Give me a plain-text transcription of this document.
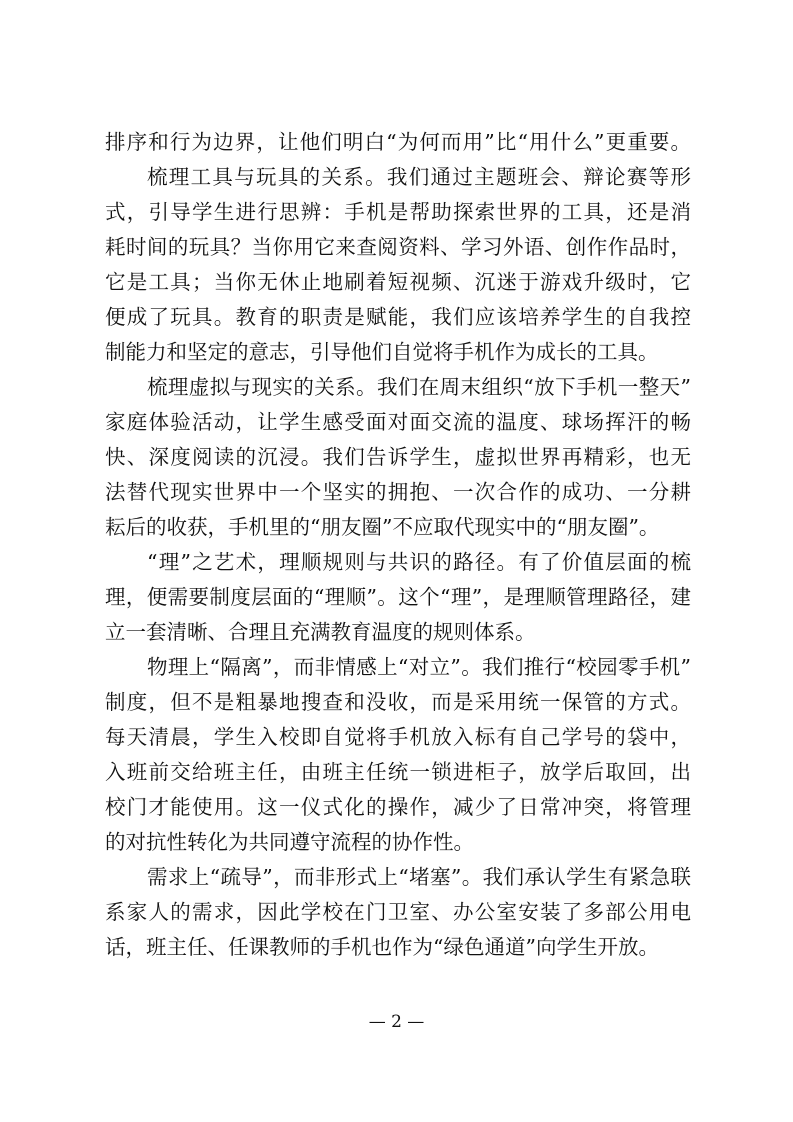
排序和行为边界，让他们明白“为何而用”比“用什么”更重要。
梳理工具与玩具的关系。我们通过主题班会、辩论赛等形
式，引导学生进行思辨：手机是帮助探索世界的工具，还是消
耗时间的玩具？当你用它来查阅资料、学习外语、创作作品时，
它是工具；当你无休止地刷着短视频、沉迷于游戏升级时，它
便成了玩具。教育的职责是赋能，我们应该培养学生的自我控
制能力和坚定的意志，引导他们自觉将手机作为成长的工具。
梳理虚拟与现实的关系。我们在周末组织“放下手机一整天”
家庭体验活动，让学生感受面对面交流的温度、球场挥汗的畅
快、深度阅读的沉浸。我们告诉学生，虚拟世界再精彩，也无
法替代现实世界中一个坚实的拥抱、一次合作的成功、一分耕
耘后的收获，手机里的“朋友圈”不应取代现实中的“朋友圈”。
“理”之艺术，理顺规则与共识的路径。有了价值层面的梳
理，便需要制度层面的“理顺”。这个“理”，是理顺管理路径，建
立一套清晰、合理且充满教育温度的规则体系。
物理上“隔离”，而非情感上“对立”。我们推行“校园零手机”
制度，但不是粗暴地搜查和没收，而是采用统一保管的方式。
每天清晨，学生入校即自觉将手机放入标有自己学号的袋中，
入班前交给班主任，由班主任统一锁进柜子，放学后取回，出
校门才能使用。这一仪式化的操作，减少了日常冲突，将管理
的对抗性转化为共同遵守流程的协作性。
需求上“疏导”，而非形式上“堵塞”。我们承认学生有紧急联
系家人的需求，因此学校在门卫室、办公室安装了多部公用电
话，班主任、任课教师的手机也作为“绿色通道”向学生开放。
— 2 —
